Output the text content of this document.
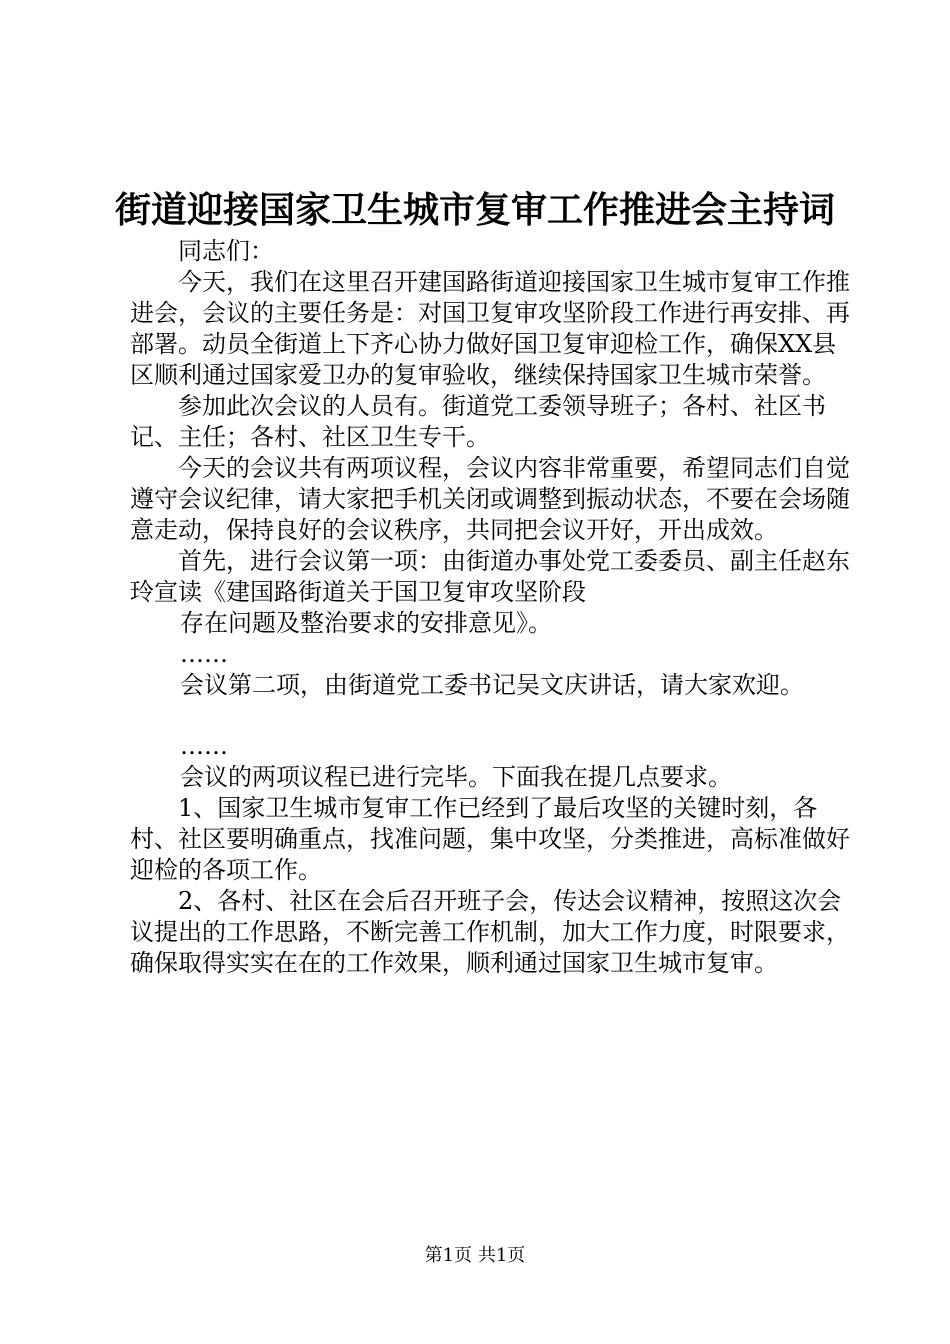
街道迎接国家卫生城市复审工作推进会主持词

同志们：

今天，我们在这里召开建国路街道迎接国家卫生城市复审工作推进会，会议的主要任务是：对国卫复审攻坚阶段工作进行再安排、再部署。动员全街道上下齐心协力做好国卫复审迎检工作，确保XX县区顺利通过国家爱卫办的复审验收，继续保持国家卫生城市荣誉。

参加此次会议的人员有。街道党工委领导班子；各村、社区书记、主任；各村、社区卫生专干。

今天的会议共有两项议程，会议内容非常重要，希望同志们自觉遵守会议纪律，请大家把手机关闭或调整到振动状态，不要在会场随意走动，保持良好的会议秩序，共同把会议开好，开出成效。

首先，进行会议第一项：由街道办事处党工委委员、副主任赵东玲宣读《建国路街道关于国卫复审攻坚阶段

存在问题及整治要求的安排意见》。

……

会议第二项，由街道党工委书记吴文庆讲话，请大家欢迎。

……

会议的两项议程已进行完毕。下面我在提几点要求。

1、国家卫生城市复审工作已经到了最后攻坚的关键时刻，各村、社区要明确重点，找准问题，集中攻坚，分类推进，高标准做好迎检的各项工作。

2、各村、社区在会后召开班子会，传达会议精神，按照这次会议提出的工作思路，不断完善工作机制，加大工作力度，时限要求，确保取得实实在在的工作效果，顺利通过国家卫生城市复审。

第1页 共1页
